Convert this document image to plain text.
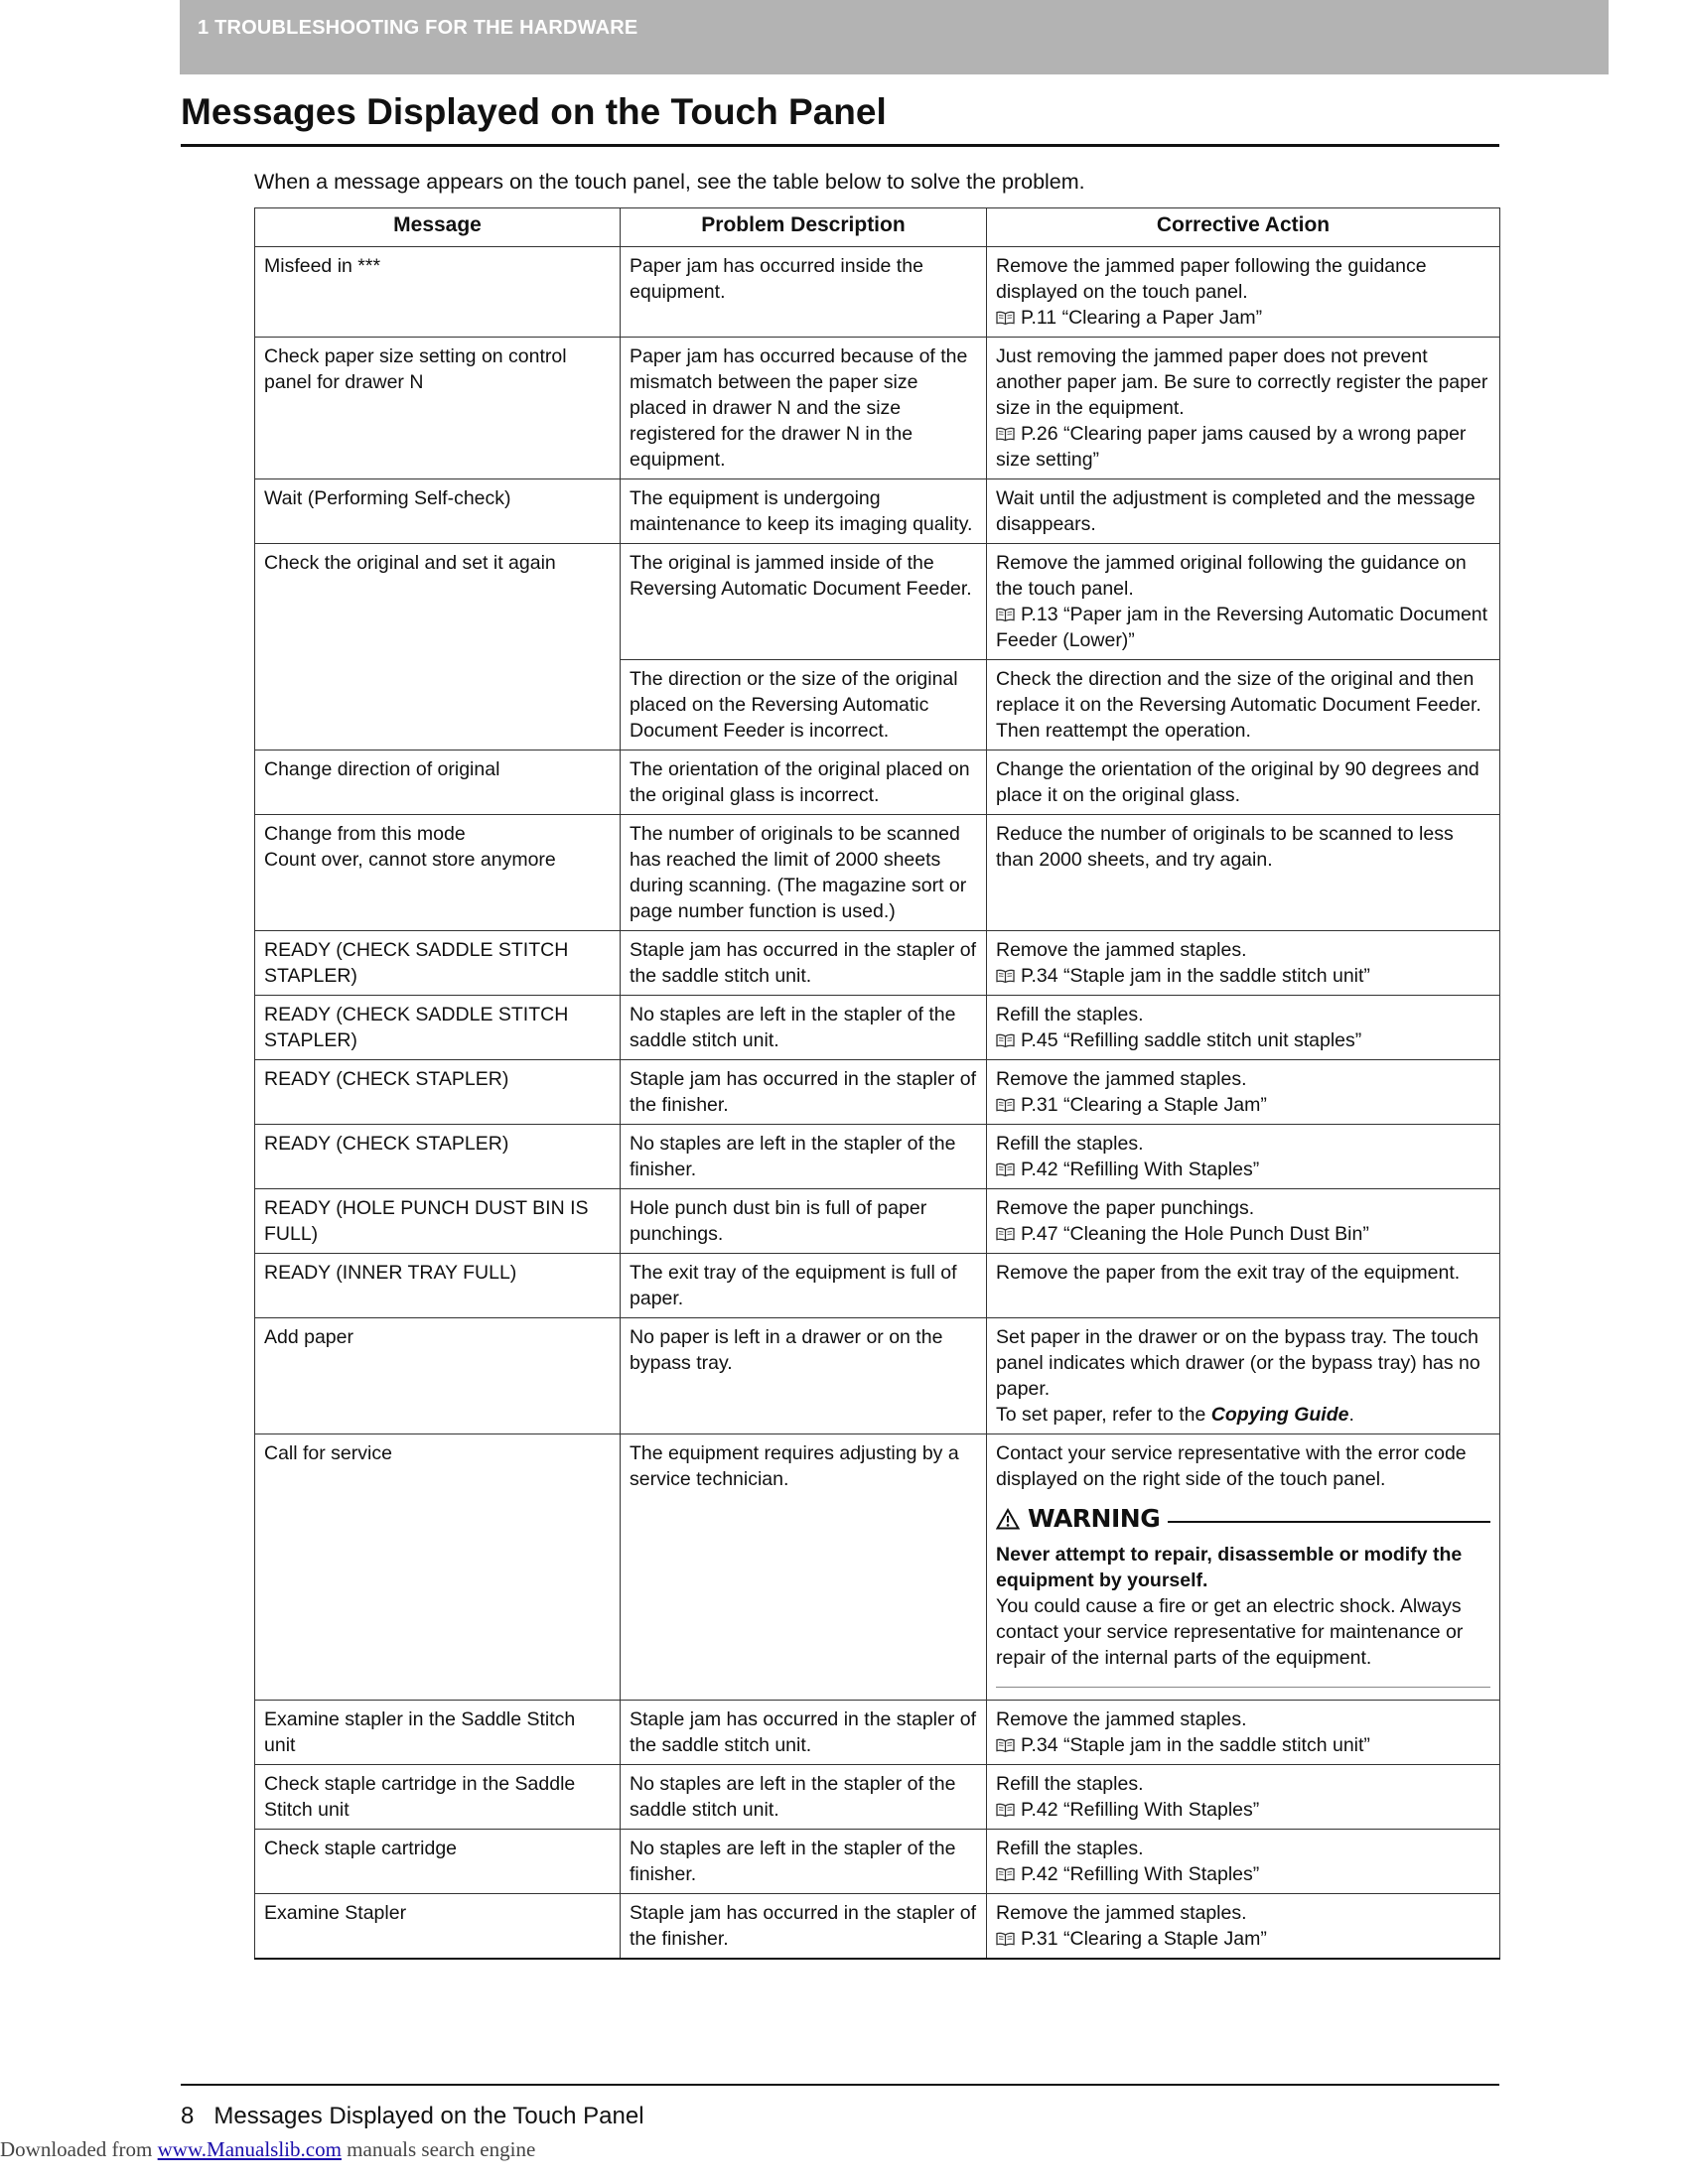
1 TROUBLESHOOTING FOR THE HARDWARE
Messages Displayed on the Touch Panel
When a message appears on the touch panel, see the table below to solve the problem.
Message	Problem Description	Corrective Action

Misfeed in ***	Paper jam has occurred inside the equipment.	Remove the jammed paper following the guidance displayed on the touch panel.
P.11 “Clearing a Paper Jam”

Check paper size setting on control panel for drawer N	Paper jam has occurred because of the mismatch between the paper size placed in drawer N and the size registered for the drawer N in the equipment.	Just removing the jammed paper does not prevent another paper jam. Be sure to correctly register the paper size in the equipment.
P.26 “Clearing paper jams caused by a wrong paper size setting”

Wait (Performing Self-check)	The equipment is undergoing maintenance to keep its imaging quality.	Wait until the adjustment is completed and the message disappears.

Check the original and set it again	The original is jammed inside of the Reversing Automatic Document Feeder.	Remove the jammed original following the guidance on the touch panel.
P.13 “Paper jam in the Reversing Automatic Document Feeder (Lower)”

	The direction or the size of the original placed on the Reversing Automatic Document Feeder is incorrect.	Check the direction and the size of the original and then replace it on the Reversing Automatic Document Feeder. Then reattempt the operation.

Change direction of original	The orientation of the original placed on the original glass is incorrect.	Change the orientation of the original by 90 degrees and place it on the original glass.

Change from this mode
Count over, cannot store anymore	The number of originals to be scanned has reached the limit of 2000 sheets during scanning. (The magazine sort or page number function is used.)	Reduce the number of originals to be scanned to less than 2000 sheets, and try again.

READY (CHECK SADDLE STITCH STAPLER)	Staple jam has occurred in the stapler of the saddle stitch unit.	Remove the jammed staples.
P.34 “Staple jam in the saddle stitch unit”

READY (CHECK SADDLE STITCH STAPLER)	No staples are left in the stapler of the saddle stitch unit.	Refill the staples.
P.45 “Refilling saddle stitch unit staples”

READY (CHECK STAPLER)	Staple jam has occurred in the stapler of the finisher.	Remove the jammed staples.
P.31 “Clearing a Staple Jam”

READY (CHECK STAPLER)	No staples are left in the stapler of the finisher.	Refill the staples.
P.42 “Refilling With Staples”

READY (HOLE PUNCH DUST BIN IS FULL)	Hole punch dust bin is full of paper punchings.	Remove the paper punchings.
P.47 “Cleaning the Hole Punch Dust Bin”

READY (INNER TRAY FULL)	The exit tray of the equipment is full of paper.	Remove the paper from the exit tray of the equipment.

Add paper	No paper is left in a drawer or on the bypass tray.	Set paper in the drawer or on the bypass tray. The touch panel indicates which drawer (or the bypass tray) has no paper.
To set paper, refer to the Copying Guide.

Call for service	The equipment requires adjusting by a service technician.	Contact your service representative with the error code displayed on the right side of the touch panel.
WARNING
Never attempt to repair, disassemble or modify the equipment by yourself.
You could cause a fire or get an electric shock. Always contact your service representative for maintenance or repair of the internal parts of the equipment.

Examine stapler in the Saddle Stitch unit	Staple jam has occurred in the stapler of the saddle stitch unit.	Remove the jammed staples.
P.34 “Staple jam in the saddle stitch unit”

Check staple cartridge in the Saddle Stitch unit	No staples are left in the stapler of the saddle stitch unit.	Refill the staples.
P.42 “Refilling With Staples”

Check staple cartridge	No staples are left in the stapler of the finisher.	Refill the staples.
P.42 “Refilling With Staples”

Examine Stapler	Staple jam has occurred in the stapler of the finisher.	Remove the jammed staples.
P.31 “Clearing a Staple Jam”
8 Messages Displayed on the Touch Panel
Downloaded from www.Manualslib.com manuals search engine
